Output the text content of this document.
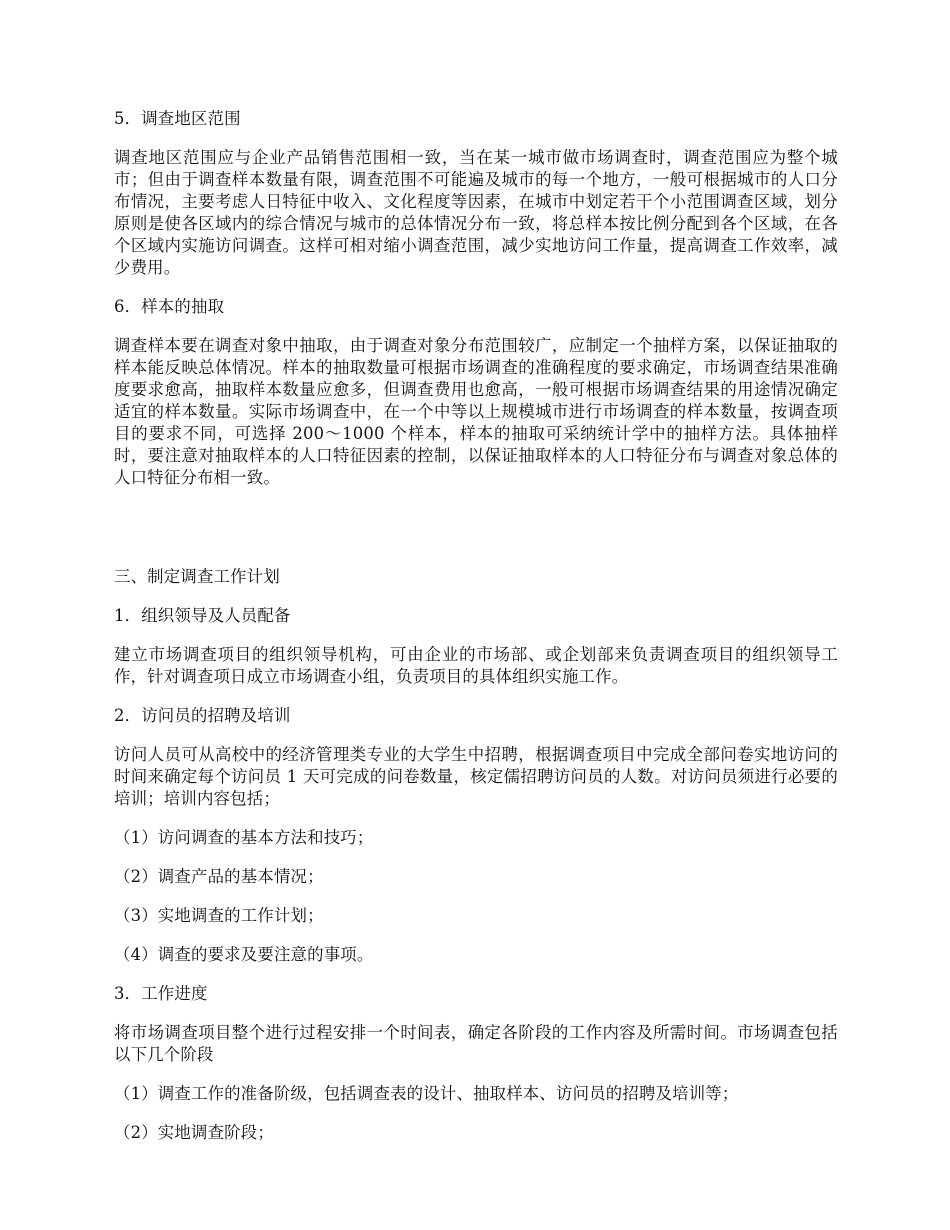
5．调查地区范围

调查地区范围应与企业产品销售范围相一致，当在某一城市做市场调查时，调查范围应为整个城市；但由于调查样本数量有限，调查范围不可能遍及城市的每一个地方，一般可根据城市的人口分布情况，主要考虑人日特征中收入、文化程度等因素，在城市中划定若干个小范围调查区域，划分原则是使各区域内的综合情况与城市的总体情况分布一致，将总样本按比例分配到各个区域，在各个区域内实施访问调查。这样可相对缩小调查范围，减少实地访问工作量，提高调查工作效率，减少费用。

6．样本的抽取

调查样本要在调查对象中抽取，由于调查对象分布范围较广，应制定一个抽样方案，以保证抽取的样本能反映总体情况。样本的抽取数量可根据市场调查的准确程度的要求确定，市场调查结果准确度要求愈高，抽取样本数量应愈多，但调查费用也愈高，一般可根据市场调查结果的用途情况确定适宜的样本数量。实际市场调查中，在一个中等以上规模城市进行市场调查的样本数量，按调查项目的要求不同，可选择 200～1000 个样本，样本的抽取可采纳统计学中的抽样方法。具体抽样时，要注意对抽取样本的人口特征因素的控制，以保证抽取样本的人口特征分布与调查对象总体的人口特征分布相一致。

三、制定调查工作计划

1．组织领导及人员配备

建立市场调查项目的组织领导机构，可由企业的市场部、或企划部来负责调查项目的组织领导工作，针对调查项日成立市场调查小组，负责项目的具体组织实施工作。

2．访问员的招聘及培训

访问人员可从高校中的经济管理类专业的大学生中招聘，根据调查项目中完成全部问卷实地访问的时间来确定每个访问员 1 天可完成的问卷数量，核定儒招聘访问员的人数。对访问员须进行必要的培训；培训内容包括；

（1）访问调查的基本方法和技巧；

（2）调查产品的基本情况；

（3）实地调查的工作计划；

（4）调查的要求及要注意的事项。

3．工作进度

将市场调查项目整个进行过程安排一个时间表，确定各阶段的工作内容及所需时间。市场调查包括以下几个阶段

（1）调查工作的准备阶级，包括调查表的设计、抽取样本、访问员的招聘及培训等；

（2）实地调查阶段；
